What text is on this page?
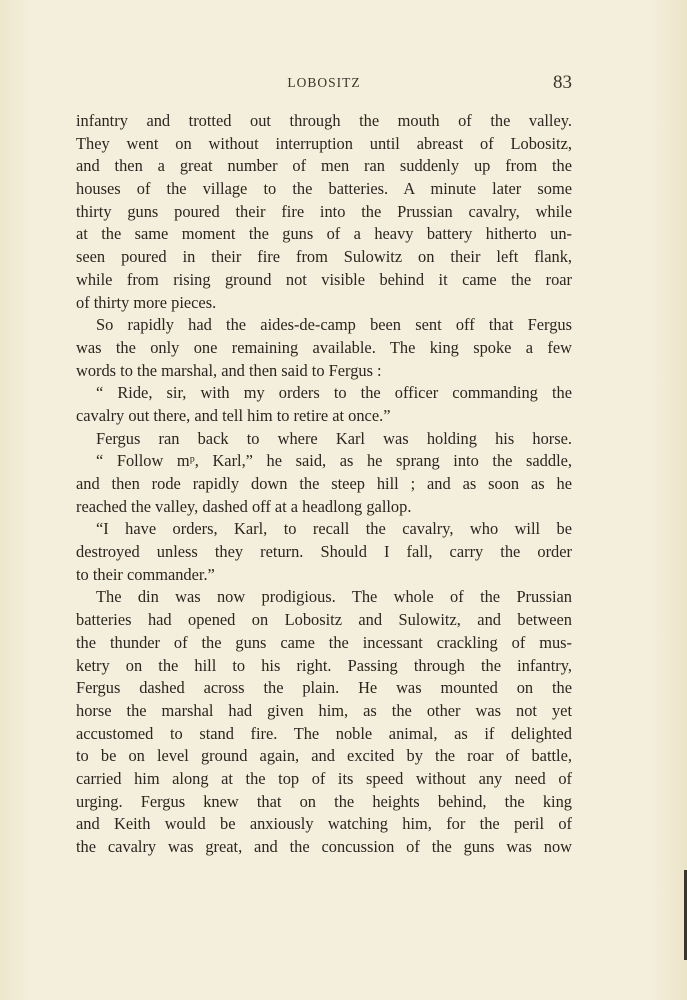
LOBOSITZ	83
infantry and trotted out through the mouth of the valley.
They went on without interruption until abreast of Lobositz,
and then a great number of men ran suddenly up from the
houses of the village to the batteries. A minute later some
thirty guns poured their fire into the Prussian cavalry, while
at the same moment the guns of a heavy battery hitherto un-
seen poured in their fire from Sulowitz on their left flank,
while from rising ground not visible behind it came the roar
of thirty more pieces.
So rapidly had the aides-de-camp been sent off that Fergus
was the only one remaining available. The king spoke a few
words to the marshal, and then said to Fergus :
“ Ride, sir, with my orders to the officer commanding the
cavalry out there, and tell him to retire at once.”
Fergus ran back to where Karl was holding his horse.
“ Follow mᵖ, Karl,” he said, as he sprang into the saddle,
and then rode rapidly down the steep hill ; and as soon as he
reached the valley, dashed off at a headlong gallop.
“I have orders, Karl, to recall the cavalry, who will be
destroyed unless they return. Should I fall, carry the order
to their commander.”
The din was now prodigious. The whole of the Prussian
batteries had opened on Lobositz and Sulowitz, and between
the thunder of the guns came the incessant crackling of mus-
ketry on the hill to his right. Passing through the infantry,
Fergus dashed across the plain. He was mounted on the
horse the marshal had given him, as the other was not yet
accustomed to stand fire. The noble animal, as if delighted
to be on level ground again, and excited by the roar of battle,
carried him along at the top of its speed without any need of
urging. Fergus knew that on the heights behind, the king
and Keith would be anxiously watching him, for the peril of
the cavalry was great, and the concussion of the guns was now
